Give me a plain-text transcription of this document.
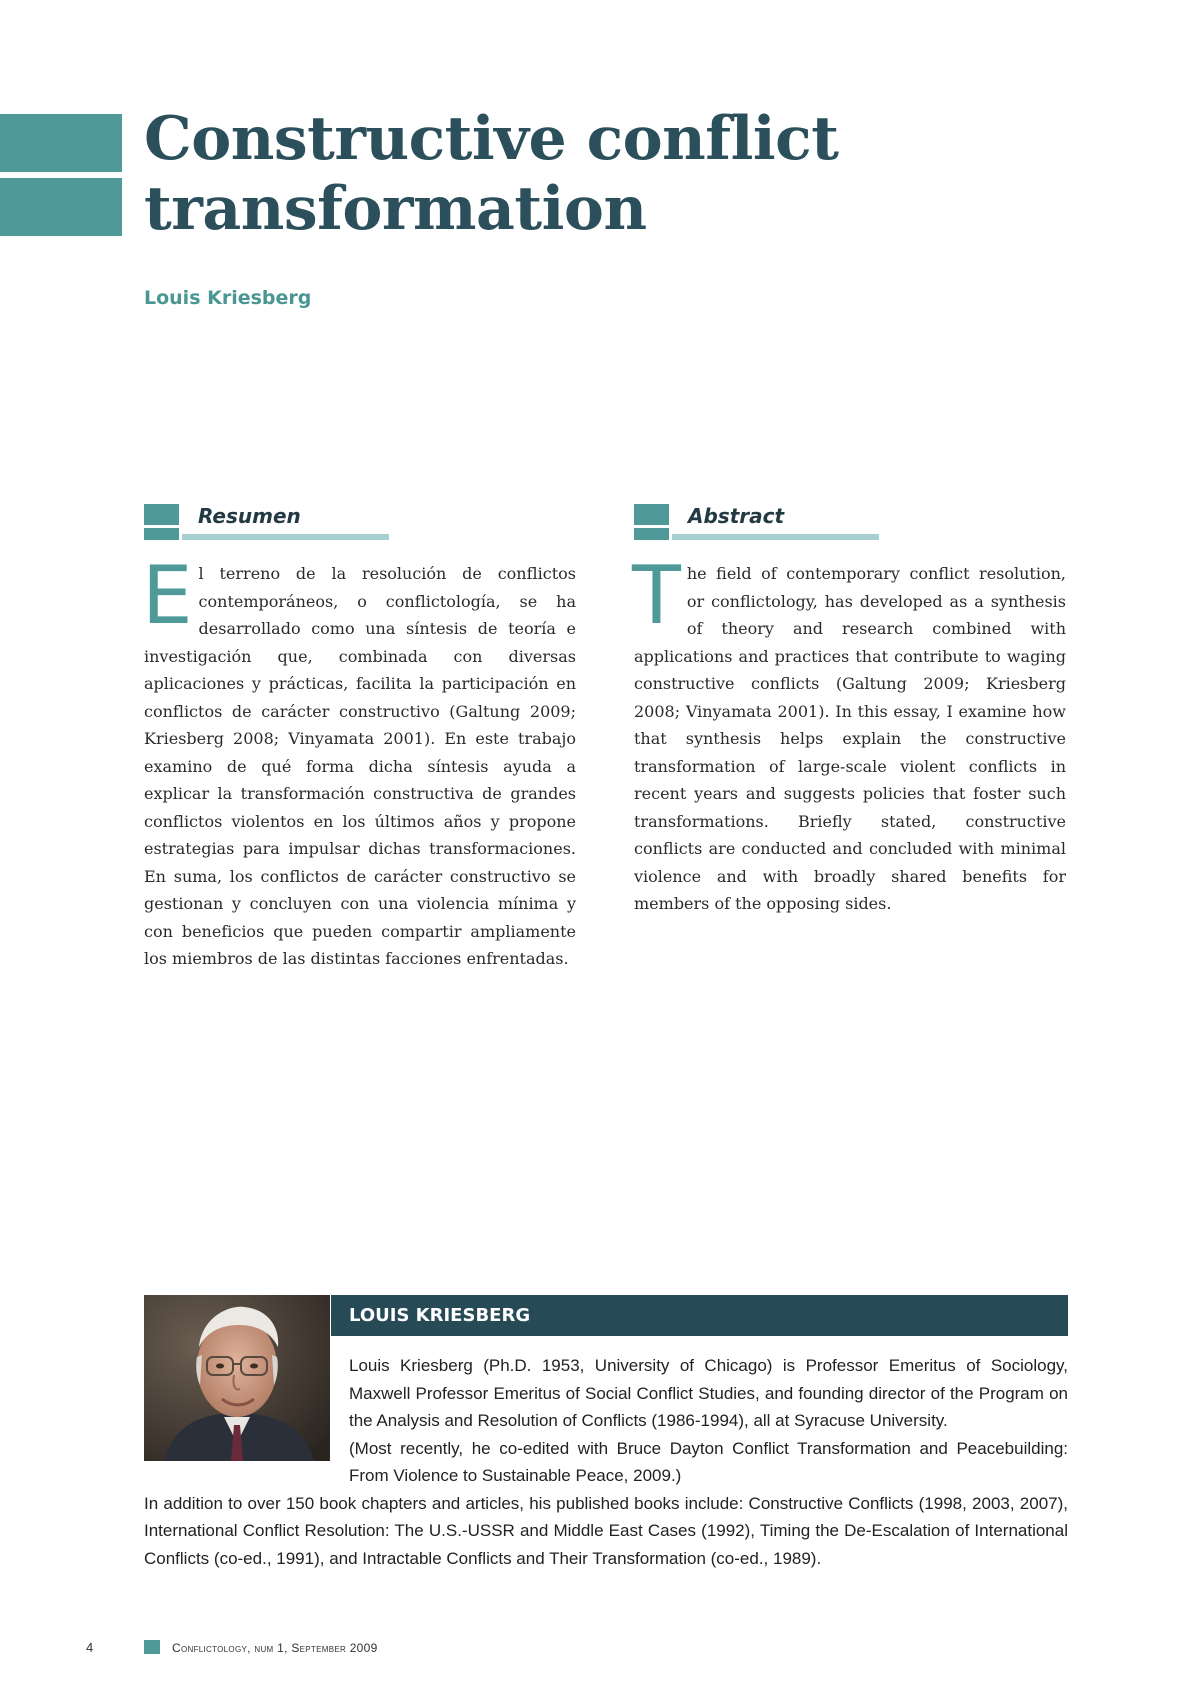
Constructive conflict transformation

Louis Kriesberg

Resumen	Abstract

El terreno de la resolución de conflictos contemporáneos, o conflictología, se ha desarrollado como una síntesis de teoría e investigación que, combinada con diversas aplicaciones y prácticas, facilita la participación en conflictos de carácter constructivo (Galtung 2009; Kriesberg 2008; Vinyamata 2001). En este trabajo examino de qué forma dicha síntesis ayuda a explicar la transformación constructiva de grandes conflictos violentos en los últimos años y propone estrategias para impulsar dichas transformaciones. En suma, los conflictos de carácter constructivo se gestionan y concluyen con una violencia mínima y con beneficios que pueden compartir ampliamente los miembros de las distintas facciones enfrentadas.

The field of contemporary conflict resolution, or conflictology, has developed as a synthesis of theory and research combined with applications and practices that contribute to waging constructive conflicts (Galtung 2009; Kriesberg 2008; Vinyamata 2001). In this essay, I examine how that synthesis helps explain the constructive transformation of large-scale violent conflicts in recent years and suggests policies that foster such transformations. Briefly stated, constructive conflicts are conducted and concluded with minimal violence and with broadly shared benefits for members of the opposing sides.

LOUIS KRIESBERG

Louis Kriesberg (Ph.D. 1953, University of Chicago) is Professor Emeritus of Sociology, Maxwell Professor Emeritus of Social Conflict Studies, and founding director of the Program on the Analysis and Resolution of Conflicts (1986-1994), all at Syracuse University.

(Most recently, he co-edited with Bruce Dayton Conflict Transformation and Peacebuilding: From Violence to Sustainable Peace, 2009.)

In addition to over 150 book chapters and articles, his published books include: Constructive Conflicts (1998, 2003, 2007), International Conflict Resolution: The U.S.-USSR and Middle East Cases (1992), Timing the De-Escalation of International Conflicts (co-ed., 1991), and Intractable Conflicts and Their Transformation (co-ed., 1989).

4	Conflictology, num 1, September 2009
